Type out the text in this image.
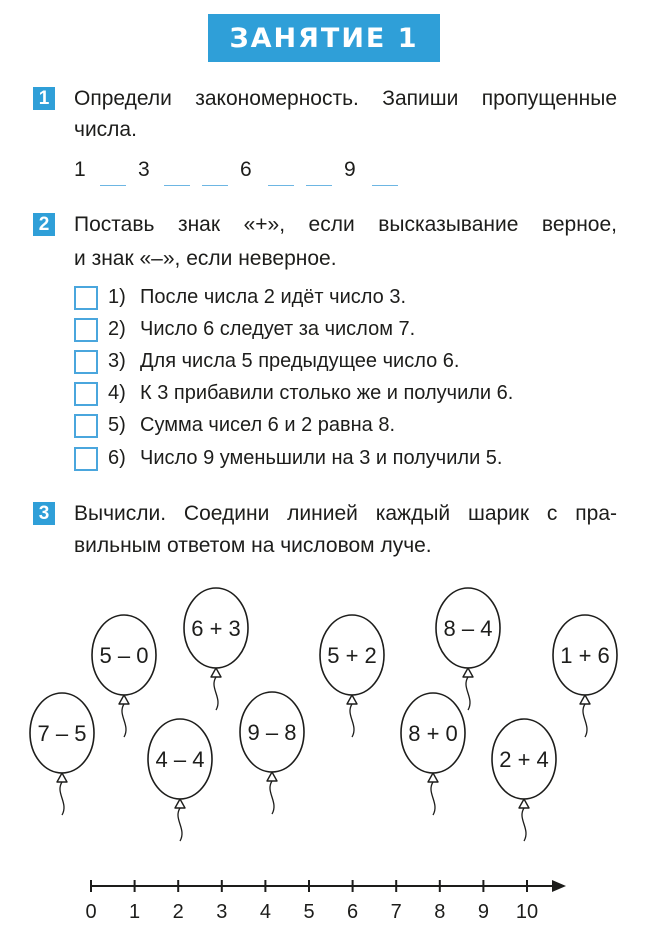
ЗАНЯТИЕ 1
1 Определи закономерность. Запиши пропущенные
числа.
1 3	6	9
2 Поставь знак «+», если высказывание верное,
и знак «–», если неверное.
1) После числа 2 идёт число 3.
2) Число 6 следует за числом 7.
3) Для числа 5 предыдущее число 6.
4) К 3 прибавили столько же и получили 6.
5) Сумма чисел 6 и 2 равна 8.
6) Число 9 уменьшили на 3 и получили 5.
3 Вычисли. Соедини линией каждый шарик с пра-
вильным ответом на числовом луче.
7 – 5
5 – 0
4 – 4
6 + 3
9 – 8
5 + 2
8 + 0
8 – 4
2 + 4
1 + 6
0 1 2 3 4 5 6 7 8 9 10
